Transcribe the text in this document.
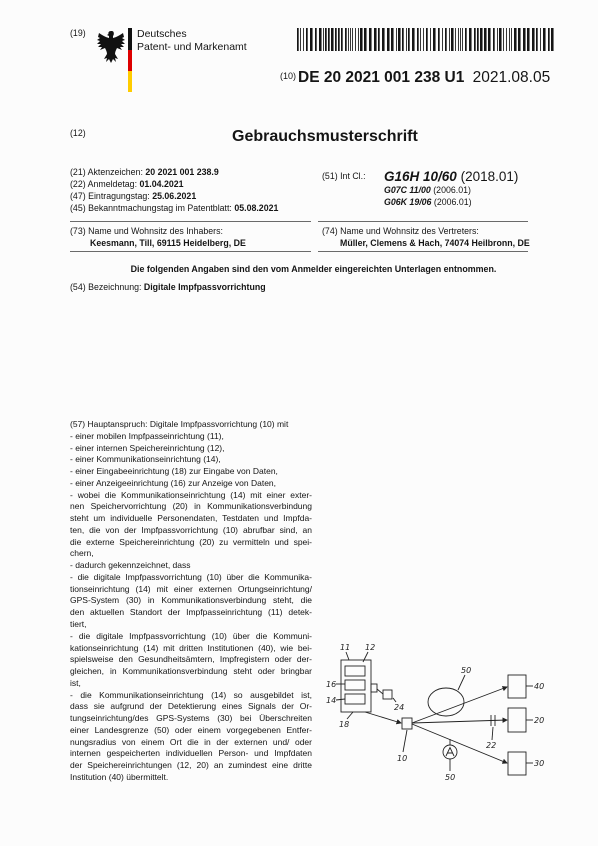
(19)	Deutsches
Patent- und Markenamt
(10) DE 20 2021 001 238 U1 2021.08.05
(12)	Gebrauchsmusterschrift
(21) Aktenzeichen: 20 2021 001 238.9
(22) Anmeldetag: 01.04.2021
(47) Eintragungstag: 25.06.2021
(45) Bekanntmachungstag im Patentblatt: 05.08.2021
(51) Int Cl.: G16H 10/60 (2018.01)
G07C 11/00 (2006.01)
G06K 19/06 (2006.01)
(73) Name und Wohnsitz des Inhabers:
Keesmann, Till, 69115 Heidelberg, DE
(74) Name und Wohnsitz des Vertreters:
Müller, Clemens & Hach, 74074 Heilbronn, DE
Die folgenden Angaben sind den vom Anmelder eingereichten Unterlagen entnommen.
(54) Bezeichnung: Digitale Impfpassvorrichtung
(57) Hauptanspruch: Digitale Impfpassvorrichtung (10) mit
- einer mobilen Impfpasseinrichtung (11),
- einer internen Speichereinrichtung (12),
- einer Kommunikationseinrichtung (14),
- einer Eingabeeinrichtung (18) zur Eingabe von Daten,
- einer Anzeigeeinrichtung (16) zur Anzeige von Daten,
- wobei die Kommunikationseinrichtung (14) mit einer exter-
nen Speichervorrichtung (20) in Kommunikationsverbindung
steht um individuelle Personendaten, Testdaten und Impfda-
ten, die von der Impfpassvorrichtung (10) abrufbar sind, an
die externe Speichereinrichtung (20) zu vermitteln und spei-
chern,
- dadurch gekennzeichnet, dass
- die digitale Impfpassvorrichtung (10) über die Kommunika-
tionseinrichtung (14) mit einer externen Ortungseinrichtung/
GPS-System (30) in Kommunikationsverbindung steht, die
den aktuellen Standort der Impfpasseinrichtung (11) detek-
tiert,
- die digitale Impfpassvorrichtung (10) über die Kommuni-
kationseinrichtung (14) mit dritten Institutionen (40), wie bei-
spielsweise den Gesundheitsämtern, Impfregistern oder der-
gleichen, in Kommunikationsverbindung steht oder bringbar
ist,
- die Kommunikationseinrichtung (14) so ausgebildet ist,
dass sie aufgrund der Detektierung eines Signals der Or-
tungseinrichtung/des GPS-Systems (30) bei Überschreiten
einer Landesgrenze (50) oder einem vorgegebenen Entfer-
nungsradius von einem Ort die in der externen und/ oder
internen gespeicherten individuellen Person- und Impfdaten
der Speichereinrichtungen (12, 20) an zumindest eine dritte
Institution (40) übermittelt.
11 12
16
14
18
24
10
50
40
20
22
30
50
